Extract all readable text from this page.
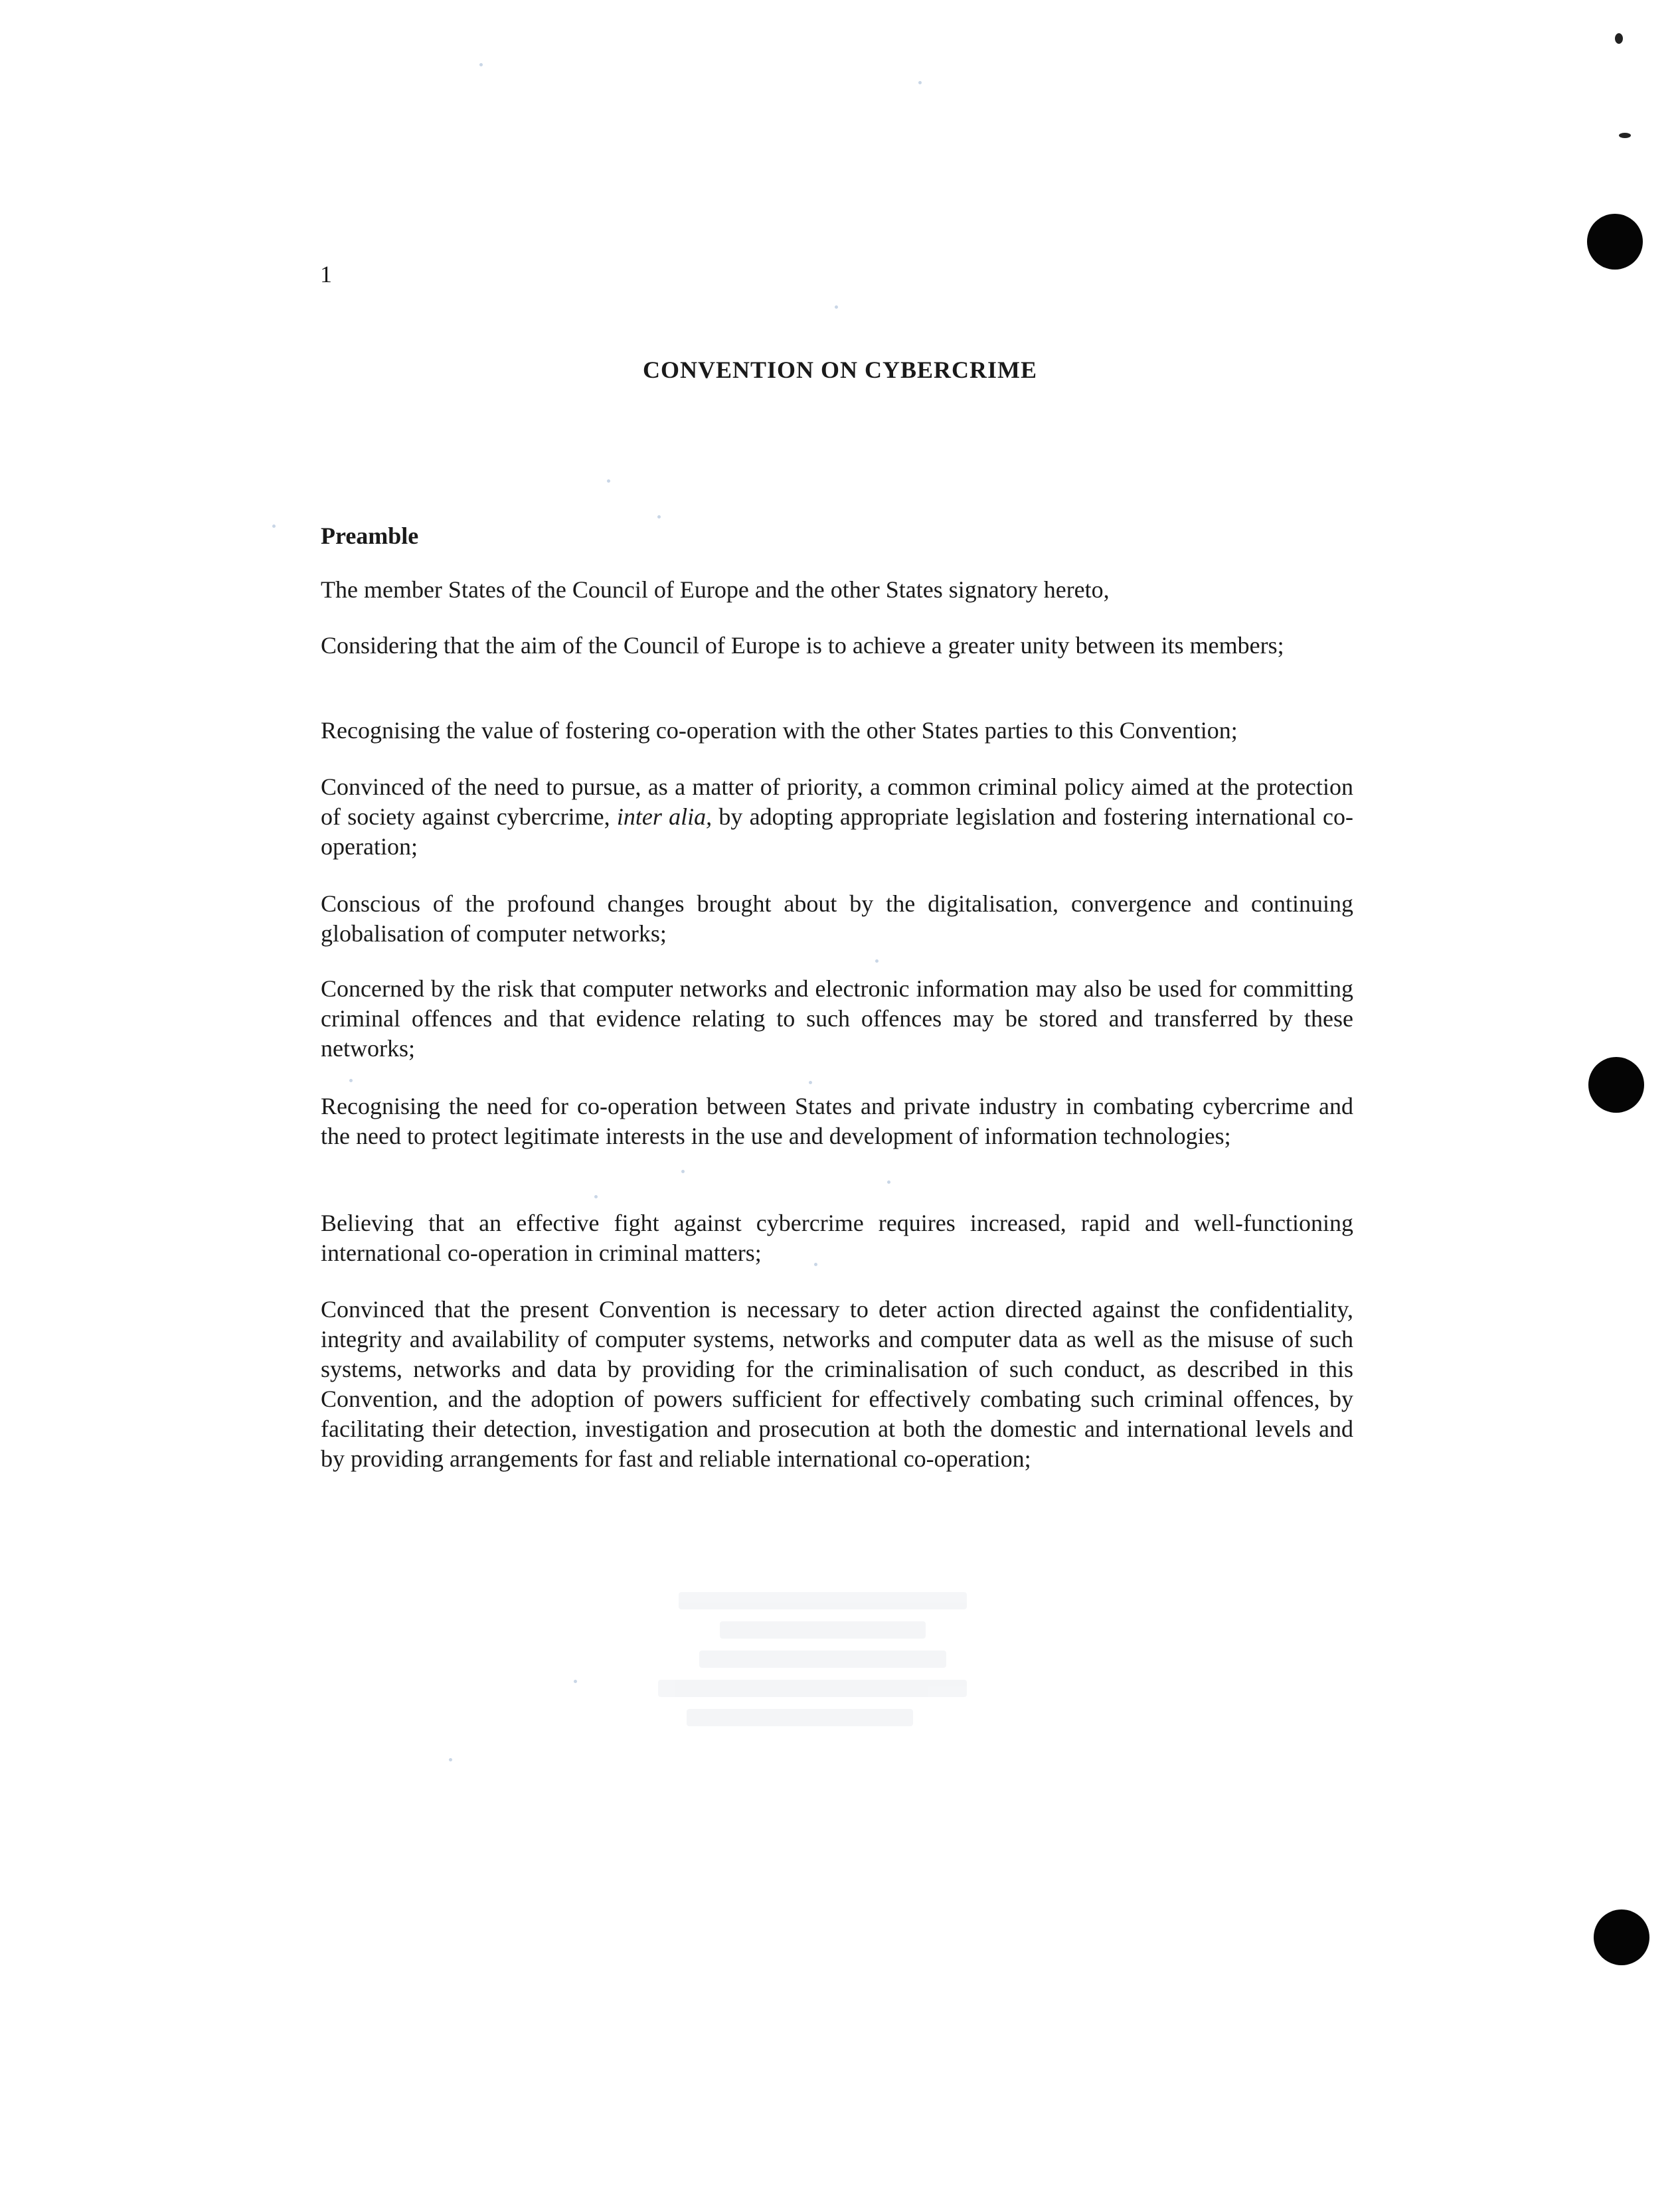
1
CONVENTION ON CYBERCRIME
Preamble

The member States of the Council of Europe and the other States signatory hereto,

Considering that the aim of the Council of Europe is to achieve a greater unity between its members;

Recognising the value of fostering co-operation with the other States parties to this Convention;

Convinced of the need to pursue, as a matter of priority, a common criminal policy aimed at the protection of society against cybercrime, inter alia, by adopting appropriate legislation and fostering international co-operation;

Conscious of the profound changes brought about by the digitalisation, convergence and continuing globalisation of computer networks;

Concerned by the risk that computer networks and electronic information may also be used for committing criminal offences and that evidence relating to such offences may be stored and transferred by these networks;

Recognising the need for co-operation between States and private industry in combating cybercrime and the need to protect legitimate interests in the use and development of information technologies;

Believing that an effective fight against cybercrime requires increased, rapid and well-functioning international co-operation in criminal matters;

Convinced that the present Convention is necessary to deter action directed against the confidentiality, integrity and availability of computer systems, networks and computer data as well as the misuse of such systems, networks and data by providing for the criminalisation of such conduct, as described in this Convention, and the adoption of powers sufficient for effectively combating such criminal offences, by facilitating their detection, investigation and prosecution at both the domestic and international levels and by providing arrangements for fast and reliable international co-operation;
